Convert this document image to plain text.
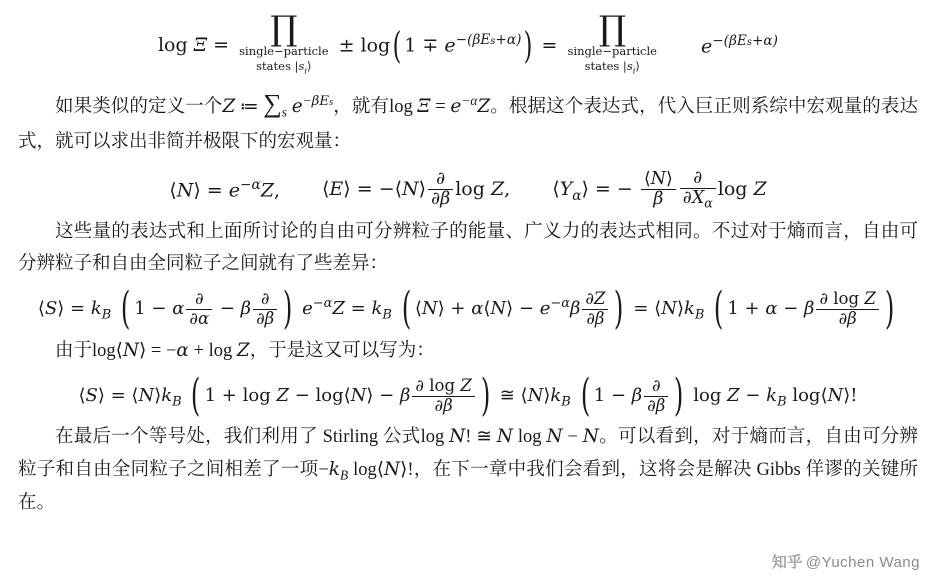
log Ξ =	∏
single−particle
states $|s_i⟩$
± log( $1 \mp e^{-(\beta Es+\alpha)}$) =	∏
single−particle
states $|s_i⟩$
$e^{-(\beta Es+\alpha)}$
如果类似的定义一个Z ≔ $\sum_s$ $e^{-\beta Es}$，就有$\log \Xi = e^{-\alpha}Z$。根据这个表达式，代入巨正则系综中宏观量的表达式，就可以求出非简并极限下的宏观量：
⟨N⟩ = $e^{-\alpha}Z$, ⟨E⟩ = −⟨N⟩ $\frac{\partial}{\partial\beta}$ log Z, $⟨Y_\alpha⟩$ = − $\frac{⟨N⟩}{\beta} \frac{\partial}{\partial X_\alpha}$ log Z
这些量的表达式和上面所讨论的自由可分辨粒子的能量、广义力的表达式相同。不过对于熵而言，自由可分辨粒子和自由全同粒子之间就有了些差异：
⟨S⟩ = $k_B$ ( 1 − α $\frac{\partial}{\partial\alpha} - \beta \frac{\partial}{\partial\beta}$ ) $e^{-\alpha}Z = k_B$ ( ⟨N⟩ + α⟨N⟩ − $e^{-\alpha}\beta \frac{\partial Z}{\partial\beta}$ ) = $⟨N⟩k_B$ ( 1 + α − β $\frac{\text{∂ log Z}}{\partial\beta}$ )
由于log⟨N⟩ = −α + log Z，于是这又可以写为：
⟨S⟩ = $⟨N⟩k_B$ ( 1 + log Z − log⟨N⟩ − β $\frac{\text{∂ log Z}}{\partial\beta}$ ) ≅ $⟨N⟩k_B$ ( 1 − β $\frac{\partial}{\partial\beta}$ ) $\log Z - k_B$ log⟨N⟩!
在最后一个等号处，我们利用了 Stirling 公式log N! ≅ N log N − N。可以看到，对于熵而言，自由可分辨粒子和自由全同粒子之间相差了一项$-k_B$ log⟨N⟩!，在下一章中我们会看到，这将会是解决 Gibbs 佯谬的关键所在。
知乎 @Yuchen Wang
